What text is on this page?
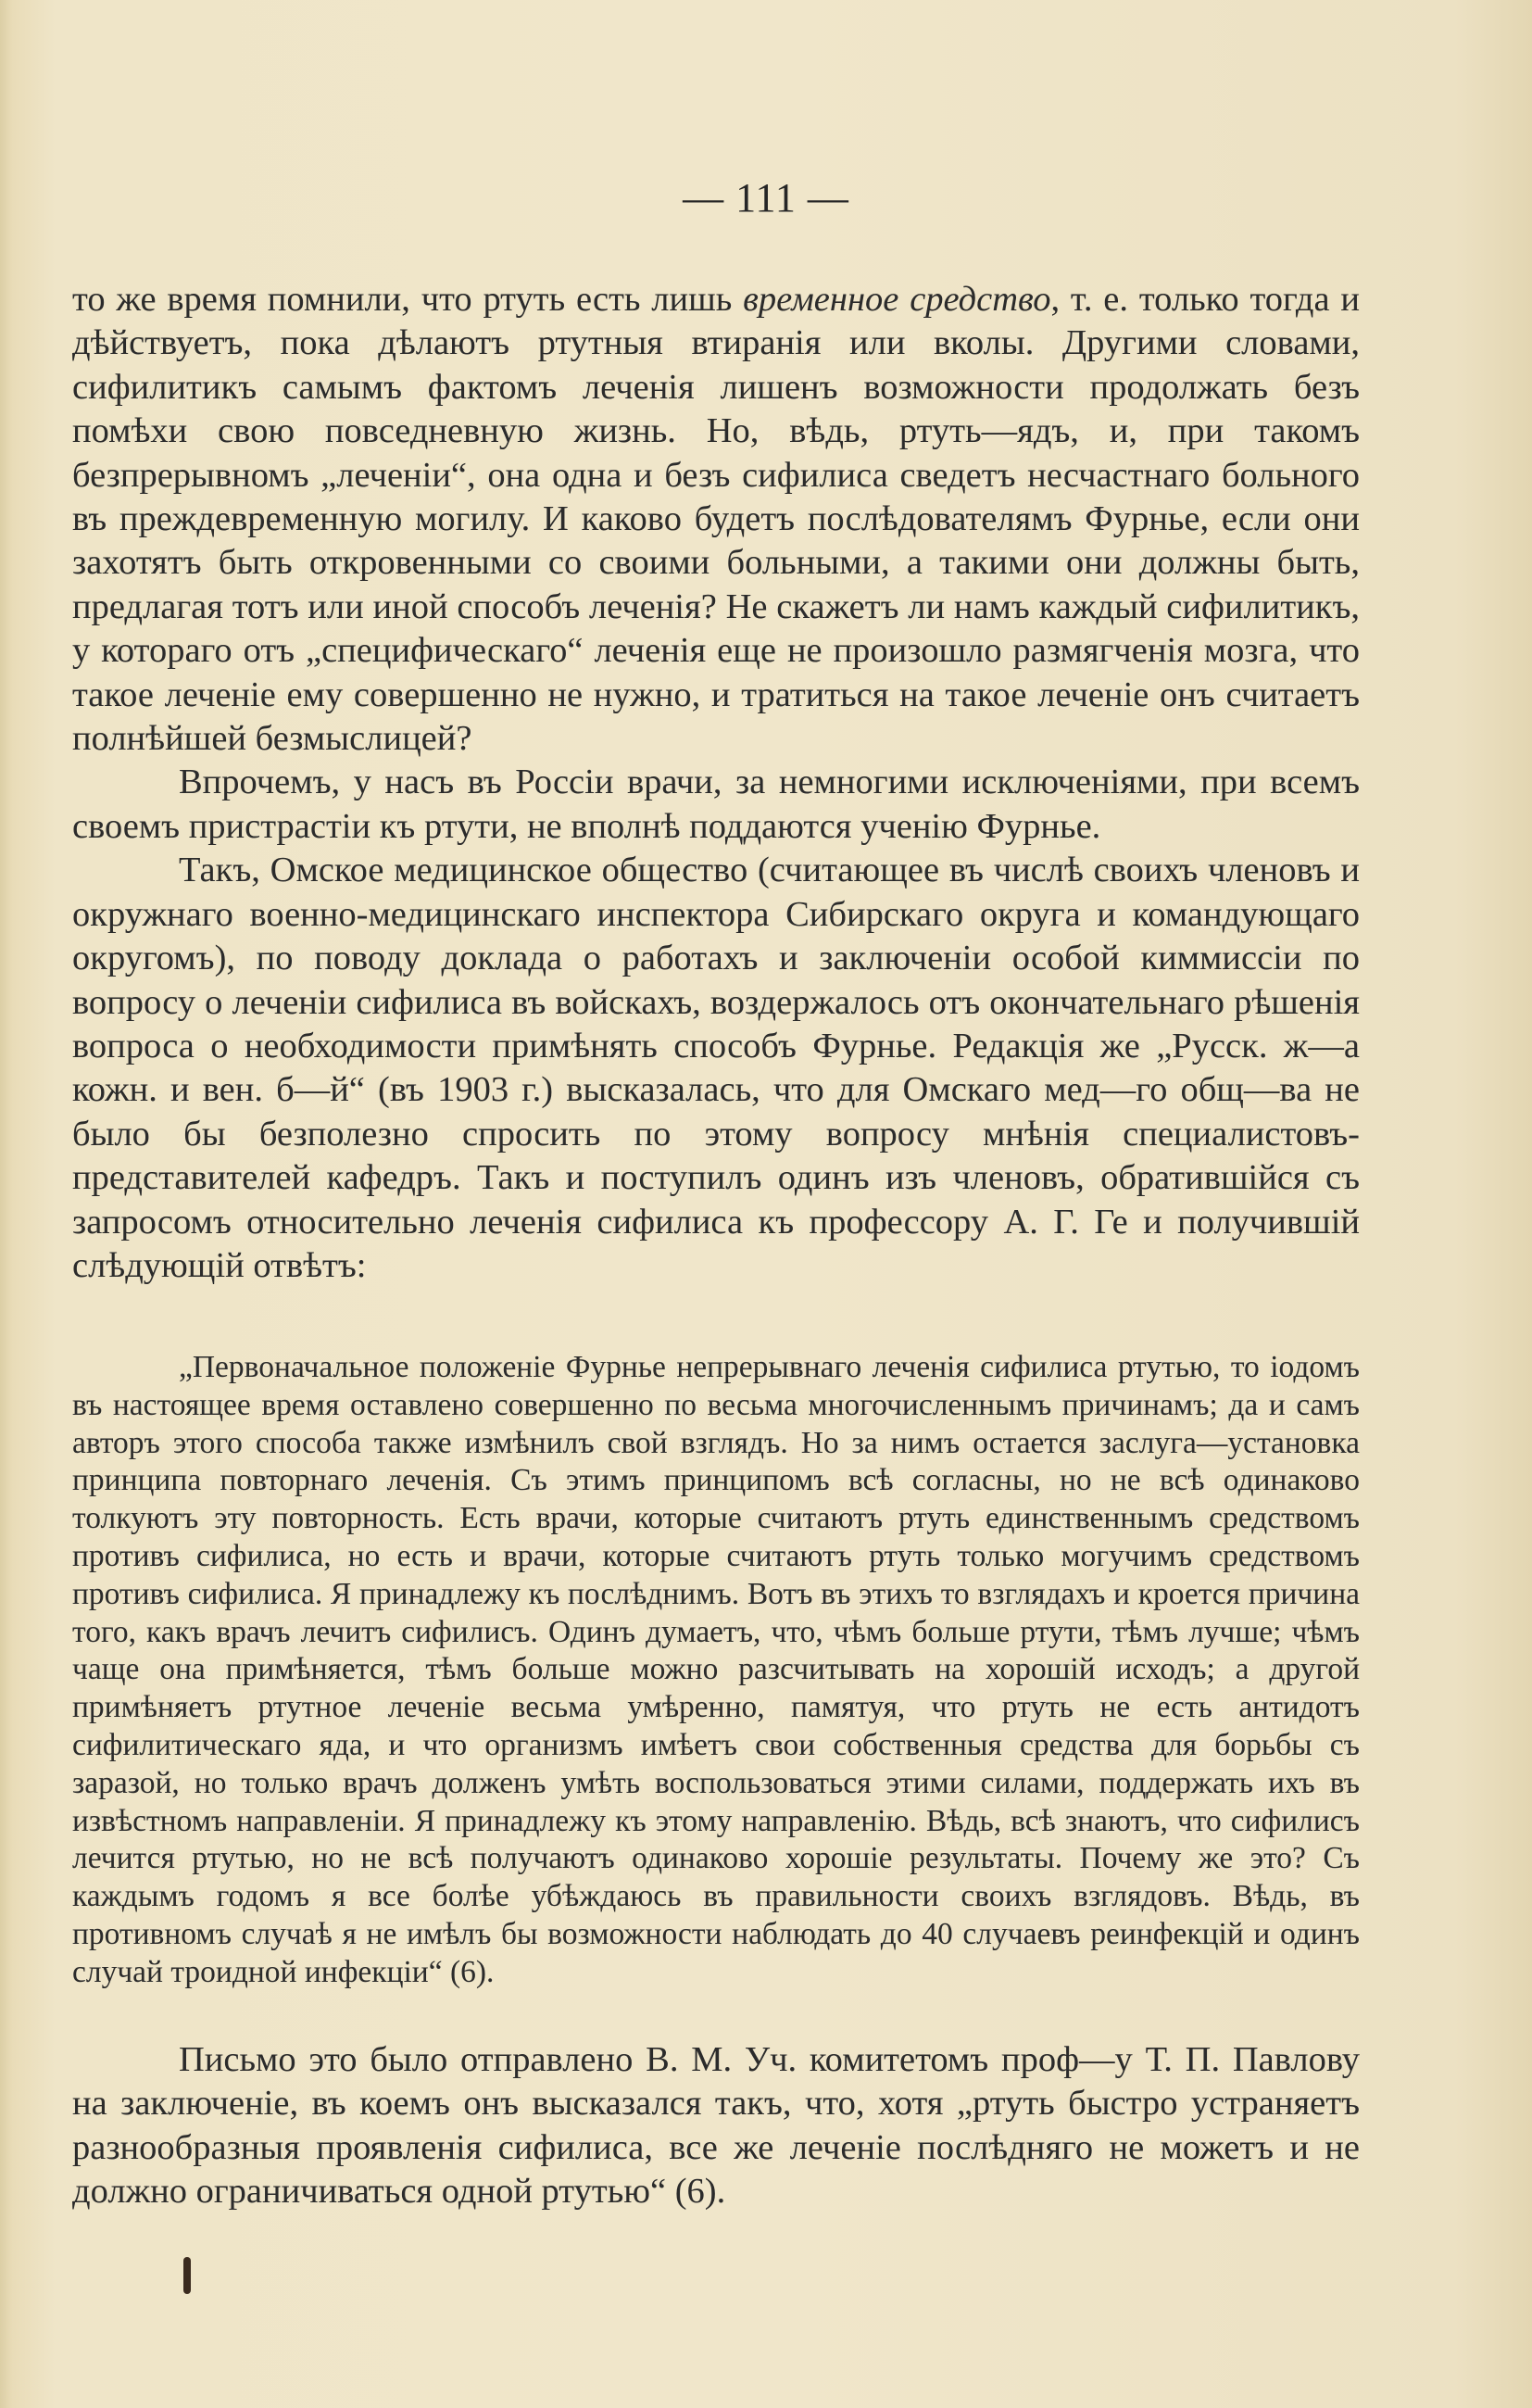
— 111 —

то же время помнили, что ртуть есть лишь временное средство, т. е. только тогда и дѣйствуетъ, пока дѣлаютъ ртутныя втиранія или вколы. Другими словами, сифилитикъ самымъ фактомъ леченія лишенъ возможности продолжать безъ помѣхи свою повседневную жизнь. Но, вѣдь, ртуть—ядъ, и, при такомъ безпрерывномъ „леченіи“, она одна и безъ сифилиса сведетъ несчастнаго больного въ преждевременную могилу. И каково будетъ послѣдователямъ Фурнье, если они захотятъ быть откровенными со своими больными, а такими они должны быть, предлагая тотъ или иной способъ леченія? Не скажетъ ли намъ каждый сифилитикъ, у котораго отъ „специфическаго“ леченія еще не произошло размягченія мозга, что такое леченіе ему совершенно не нужно, и тратиться на такое леченіе онъ считаетъ полнѣйшей безмыслицей?

Впрочемъ, у насъ въ Россіи врачи, за немногими исключеніями, при всемъ своемъ пристрастіи къ ртути, не вполнѣ поддаются ученію Фурнье.

Такъ, Омское медицинское общество (считающее въ числѣ своихъ членовъ и окружнаго военно-медицинскаго инспектора Сибирскаго округа и командующаго округомъ), по поводу доклада о работахъ и заключеніи особой киммиссіи по вопросу о леченіи сифилиса въ войскахъ, воздержалось отъ окончательнаго рѣшенія вопроса о необходимости примѣнять способъ Фурнье. Редакція же „Русск. ж—а кожн. и вен. б—й“ (въ 1903 г.) высказалась, что для Омскаго мед—го общ—ва не было бы безполезно спросить по этому вопросу мнѣнія специалистовъ-представителей кафедръ. Такъ и поступилъ одинъ изъ членовъ, обратившійся съ запросомъ относительно леченія сифилиса къ профессору А. Г. Ге и получившій слѣдующій отвѣтъ:

„Первоначальное положеніе Фурнье непрерывнаго леченія сифилиса ртутью, то іодомъ въ настоящее время оставлено совершенно по весьма многочисленнымъ причинамъ; да и самъ авторъ этого способа также измѣнилъ свой взглядъ. Но за нимъ остается заслуга—установка принципа повторнаго леченія. Съ этимъ принципомъ всѣ согласны, но не всѣ одинаково толкуютъ эту повторность. Есть врачи, которые считаютъ ртуть единственнымъ средствомъ противъ сифилиса, но есть и врачи, которые считаютъ ртуть только могучимъ средствомъ противъ сифилиса. Я принадлежу къ послѣднимъ. Вотъ въ этихъ то взглядахъ и кроется причина того, какъ врачъ лечитъ сифилисъ. Одинъ думаетъ, что, чѣмъ больше ртути, тѣмъ лучше; чѣмъ чаще она примѣняется, тѣмъ больше можно разсчитывать на хорошій исходъ; а другой примѣняетъ ртутное леченіе весьма умѣренно, памятуя, что ртуть не есть антидотъ сифилитическаго яда, и что организмъ имѣетъ свои собственныя средства для борьбы съ заразой, но только врачъ долженъ умѣть воспользоваться этими силами, поддержать ихъ въ извѣстномъ направленіи. Я принадлежу къ этому направленію. Вѣдь, всѣ знаютъ, что сифилисъ лечится ртутью, но не всѣ получаютъ одинаково хорошіе результаты. Почему же это? Съ каждымъ годомъ я все болѣе убѣждаюсь въ правильности своихъ взглядовъ. Вѣдь, въ противномъ случаѣ я не имѣлъ бы возможности наблюдать до 40 случаевъ реинфекцій и одинъ случай троидной инфекціи“ (6).

Письмо это было отправлено В. М. Уч. комитетомъ проф—у Т. П. Павлову на заключеніе, въ коемъ онъ высказался такъ, что, хотя „ртуть быстро устраняетъ разнообразныя проявленія сифилиса, все же леченіе послѣдняго не можетъ и не должно ограничиваться одной ртутью“ (6).
